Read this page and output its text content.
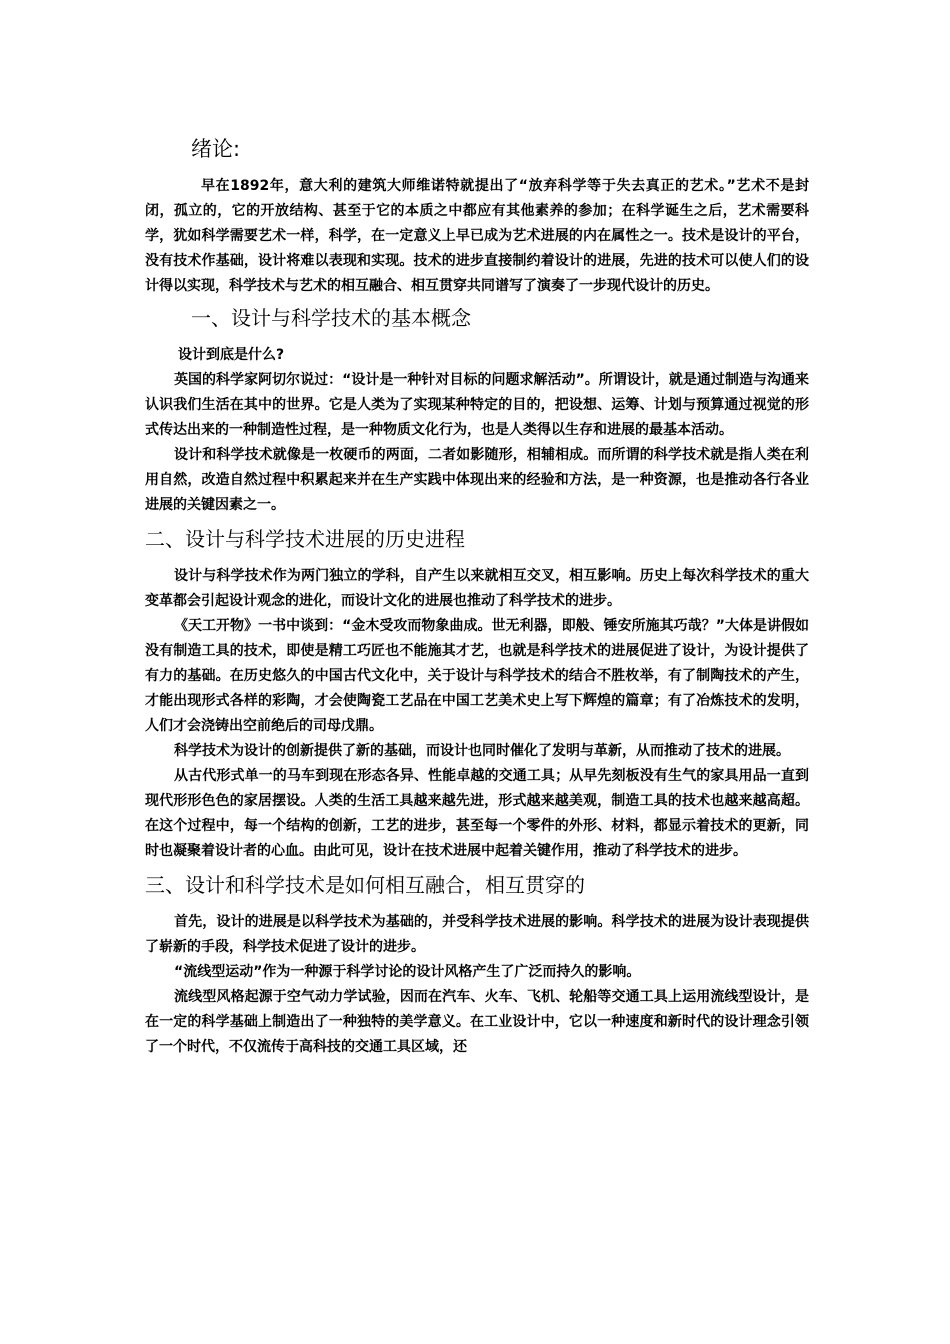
绪论:

早在1892年，意大利的建筑大师维诺特就提出了“放弃科学等于失去真正的艺术。”艺术不是封闭，孤立的，它的开放结构、甚至于它的本质之中都应有其他素养的参加；在科学诞生之后，艺术需要科学，犹如科学需要艺术一样，科学，在一定意义上早已成为艺术进展的内在属性之一。技术是设计的平台，没有技术作基础，设计将难以表现和实现。技术的进步直接制约着设计的进展，先进的技术可以使人们的设计得以实现，科学技术与艺术的相互融合、相互贯穿共同谱写了演奏了一步现代设计的历史。

一、设计与科学技术的基本概念
设计到底是什么?

英国的科学家阿切尔说过：“设计是一种针对目标的问题求解活动”。所谓设计，就是通过制造与沟通来认识我们生活在其中的世界。它是人类为了实现某种特定的目的，把设想、运筹、计划与预算通过视觉的形式传达出来的一种制造性过程，是一种物质文化行为，也是人类得以生存和进展的最基本活动。

设计和科学技术就像是一枚硬币的两面，二者如影随形，相辅相成。而所谓的科学技术就是指人类在利用自然，改造自然过程中积累起来并在生产实践中体现出来的经验和方法，是一种资源，也是推动各行各业进展的关键因素之一。

二、设计与科学技术进展的历史进程

设计与科学技术作为两门独立的学科，自产生以来就相互交叉，相互影响。历史上每次科学技术的重大变革都会引起设计观念的进化，而设计文化的进展也推动了科学技术的进步。

《天工开物》一书中谈到：“金木受攻而物象曲成。世无利器，即般、锤安所施其巧哉？”大体是讲假如没有制造工具的技术，即使是精工巧匠也不能施其才艺，也就是科学技术的进展促进了设计，为设计提供了有力的基础。在历史悠久的中国古代文化中，关于设计与科学技术的结合不胜枚举，有了制陶技术的产生，才能出现形式各样的彩陶，才会使陶瓷工艺品在中国工艺美术史上写下辉煌的篇章；有了冶炼技术的发明，人们才会浇铸出空前绝后的司母戊鼎。

科学技术为设计的创新提供了新的基础，而设计也同时催化了发明与革新，从而推动了技术的进展。

从古代形式单一的马车到现在形态各异、性能卓越的交通工具；从早先刻板没有生气的家具用品一直到现代形形色色的家居摆设。人类的生活工具越来越先进，形式越来越美观，制造工具的技术也越来越高超。在这个过程中，每一个结构的创新，工艺的进步，甚至每一个零件的外形、材料，都显示着技术的更新，同时也凝聚着设计者的心血。由此可见，设计在技术进展中起着关键作用，推动了科学技术的进步。

三、设计和科学技术是如何相互融合，相互贯穿的

首先，设计的进展是以科学技术为基础的，并受科学技术进展的影响。科学技术的进展为设计表现提供了崭新的手段，科学技术促进了设计的进步。

“流线型运动”作为一种源于科学讨论的设计风格产生了广泛而持久的影响。

流线型风格起源于空气动力学试验，因而在汽车、火车、飞机、轮船等交通工具上运用流线型设计，是在一定的科学基础上制造出了一种独特的美学意义。在工业设计中，它以一种速度和新时代的设计理念引领了一个时代，不仅流传于高科技的交通工具区域，还
